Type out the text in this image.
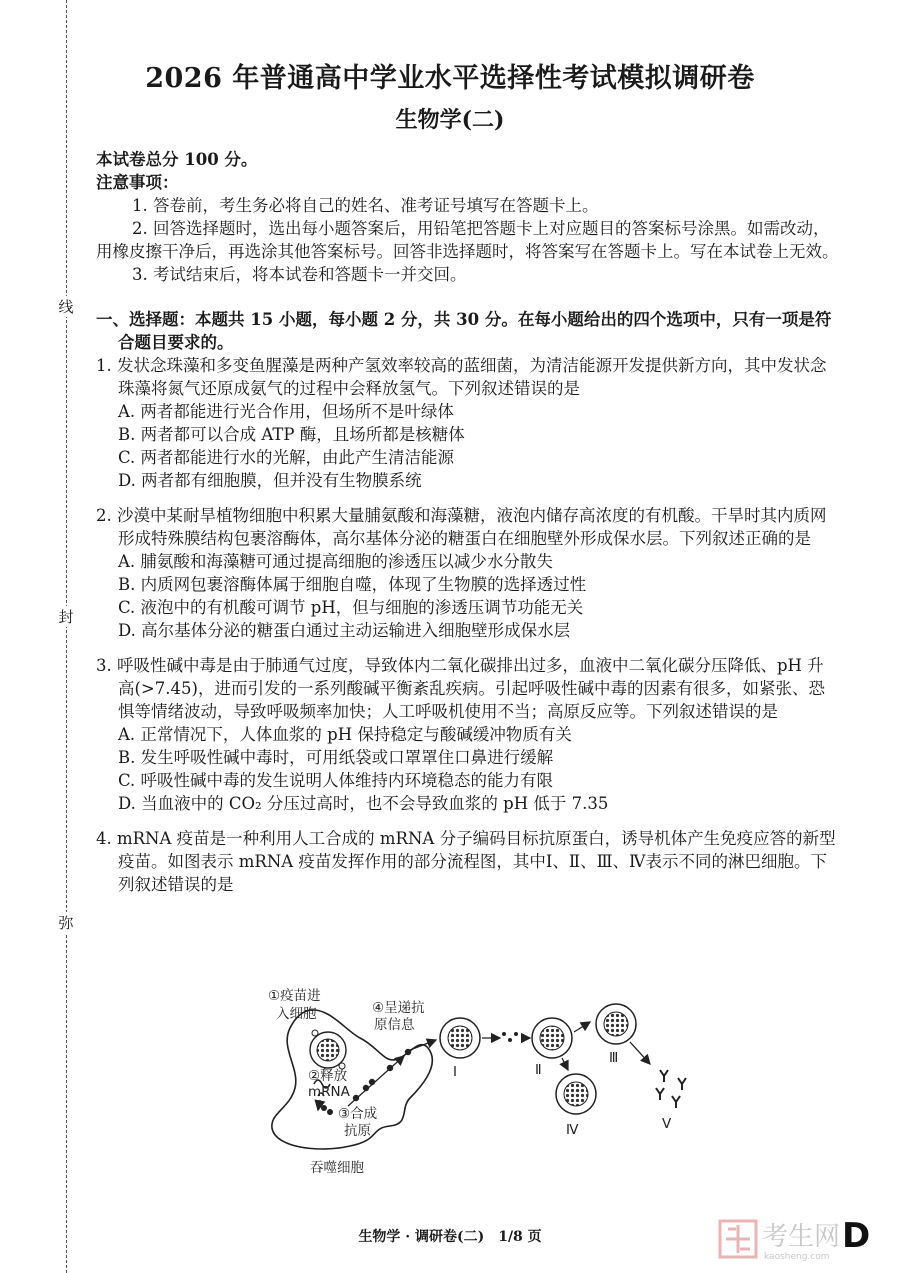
线
封
弥
2026 年普通高中学业水平选择性考试模拟调研卷
生物学(二)

本试卷总分 100 分。

注意事项：

1. 答卷前，考生务必将自己的姓名、准考证号填写在答题卡上。

2. 回答选择题时，选出每小题答案后，用铅笔把答题卡上对应题目的答案标号涂黑。如需改动，用橡皮擦干净后，再选涂其他答案标号。回答非选择题时，将答案写在答题卡上。写在本试卷上无效。

3. 考试结束后，将本试卷和答题卡一并交回。

一、选择题：本题共 15 小题，每小题 2 分，共 30 分。在每小题给出的四个选项中，只有一项是符合题目要求的。

1. 发状念珠藻和多变鱼腥藻是两种产氢效率较高的蓝细菌，为清洁能源开发提供新方向，其中发状念珠藻将氮气还原成氨气的过程中会释放氢气。下列叙述错误的是

A. 两者都能进行光合作用，但场所不是叶绿体

B. 两者都可以合成 ATP 酶，且场所都是核糖体

C. 两者都能进行水的光解，由此产生清洁能源

D. 两者都有细胞膜，但并没有生物膜系统

2. 沙漠中某耐旱植物细胞中积累大量脯氨酸和海藻糖，液泡内储存高浓度的有机酸。干旱时其内质网形成特殊膜结构包裹溶酶体，高尔基体分泌的糖蛋白在细胞壁外形成保水层。下列叙述正确的是

A. 脯氨酸和海藻糖可通过提高细胞的渗透压以减少水分散失

B. 内质网包裹溶酶体属于细胞自噬，体现了生物膜的选择透过性

C. 液泡中的有机酸可调节 pH，但与细胞的渗透压调节功能无关

D. 高尔基体分泌的糖蛋白通过主动运输进入细胞壁形成保水层

3. 呼吸性碱中毒是由于肺通气过度，导致体内二氧化碳排出过多，血液中二氧化碳分压降低、pH 升高(>7.45)，进而引发的一系列酸碱平衡紊乱疾病。引起呼吸性碱中毒的因素有很多，如紧张、恐惧等情绪波动，导致呼吸频率加快；人工呼吸机使用不当；高原反应等。下列叙述错误的是

A. 正常情况下，人体血浆的 pH 保持稳定与酸碱缓冲物质有关

B. 发生呼吸性碱中毒时，可用纸袋或口罩罩住口鼻进行缓解

C. 呼吸性碱中毒的发生说明人体维持内环境稳态的能力有限

D. 当血液中的 CO₂ 分压过高时，也不会导致血浆的 pH 低于 7.35

4. mRNA 疫苗是一种利用人工合成的 mRNA 分子编码目标抗原蛋白，诱导机体产生免疫应答的新型疫苗。如图表示 mRNA 疫苗发挥作用的部分流程图，其中Ⅰ、Ⅱ、Ⅲ、Ⅳ表示不同的淋巴细胞。下列叙述错误的是

①疫苗进
入细胞
②释放
mRNA
③合成
抗原
④呈递抗
原信息
吞噬细胞
Ⅰ	Ⅱ
Ⅲ
Ⅳ	Ⅴ
生物学 · 调研卷(二)　1/8 页	考生网
kaosheng.com
D
